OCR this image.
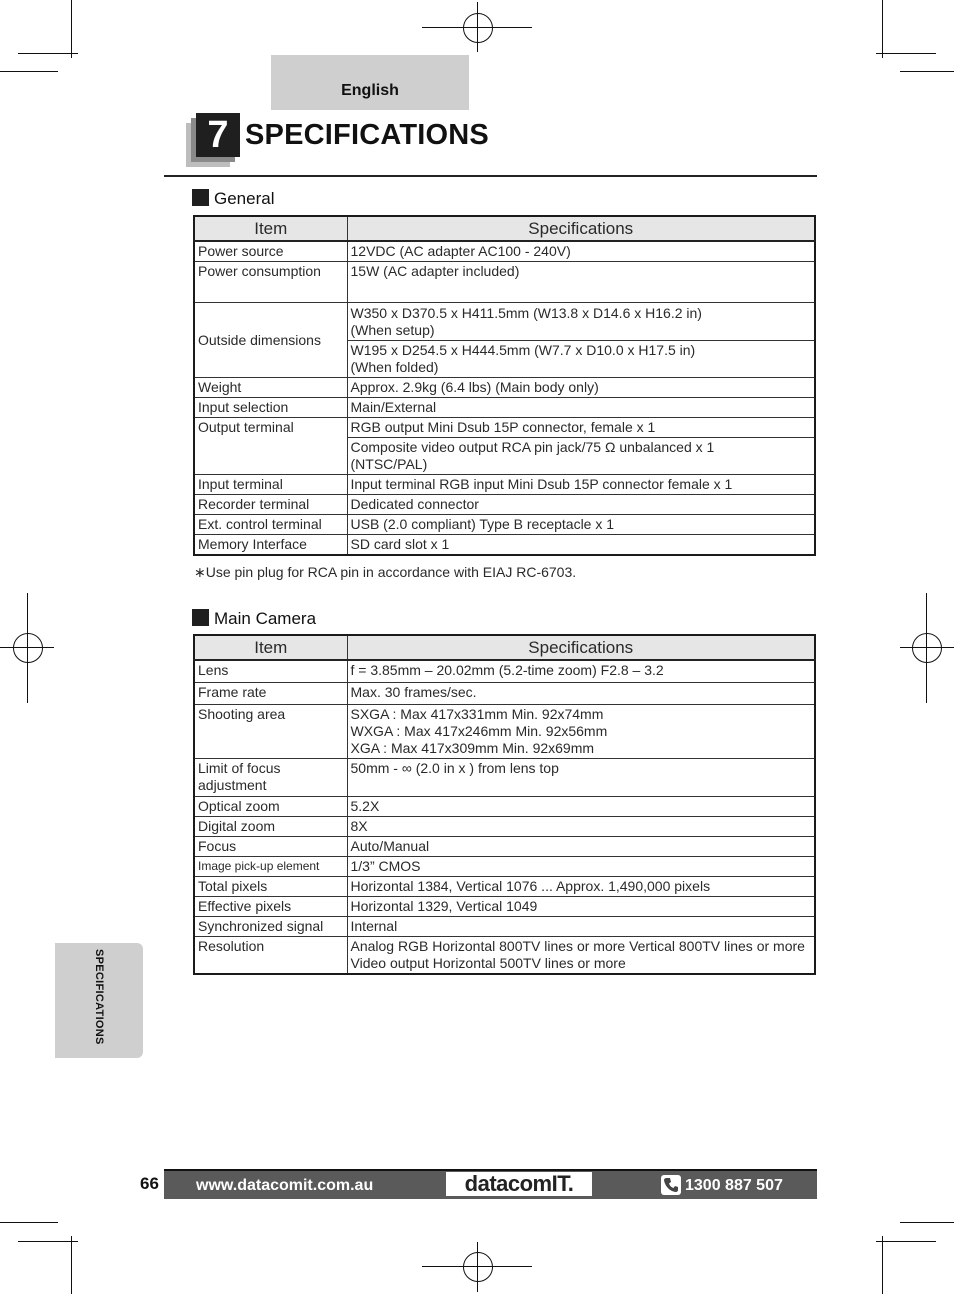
English
7 SPECIFICATIONS
General
Item	Specifications
Power source	12VDC (AC adapter AC100 - 240V)
Power consumption	15W (AC adapter included)
Outside dimensions	W350 x D370.5 x H411.5mm (W13.8 x D14.6 x H16.2 in)
(When setup)

	W195 x D254.5 x H444.5mm (W7.7 x D10.0 x H17.5 in)
(When folded)

Weight	Approx. 2.9kg (6.4 lbs) (Main body only)
Input selection	Main/External
Output terminal	RGB output Mini Dsub 15P connector, female x 1

	Composite video output RCA pin jack/75 Ω unbalanced x 1
(NTSC/PAL)

Input terminal	Input terminal RGB input Mini Dsub 15P connector female x 1
Recorder terminal	Dedicated connector
Ext. control terminal	USB (2.0 compliant) Type B receptacle x 1
Memory Interface	SD card slot x 1
∗Use pin plug for RCA pin in accordance with EIAJ RC-6703.
Main Camera
Item	Specifications
Lens	f = 3.85mm – 20.02mm (5.2-time zoom) F2.8 – 3.2
Frame rate	Max. 30 frames/sec.
Shooting area	SXGA : Max 417x331mm Min. 92x74mm
WXGA : Max 417x246mm Min. 92x56mm
XGA : Max 417x309mm Min. 92x69mm

Limit of focus
adjustment	50mm - ∞ (2.0 in x ) from lens top
Optical zoom	5.2X
Digital zoom	8X
Focus	Auto/Manual
Image pick-up element	1/3” CMOS
Total pixels	Horizontal 1384, Vertical 1076 ... Approx. 1,490,000 pixels
Effective pixels	Horizontal 1329, Vertical 1049
Synchronized signal	Internal
Resolution	Analog RGB Horizontal 800TV lines or more Vertical 800TV lines or more
Video output Horizontal 500TV lines or more
SPECIFICATIONS
66 www.datacomit.com.au	datacomIT.	1300 887 507
